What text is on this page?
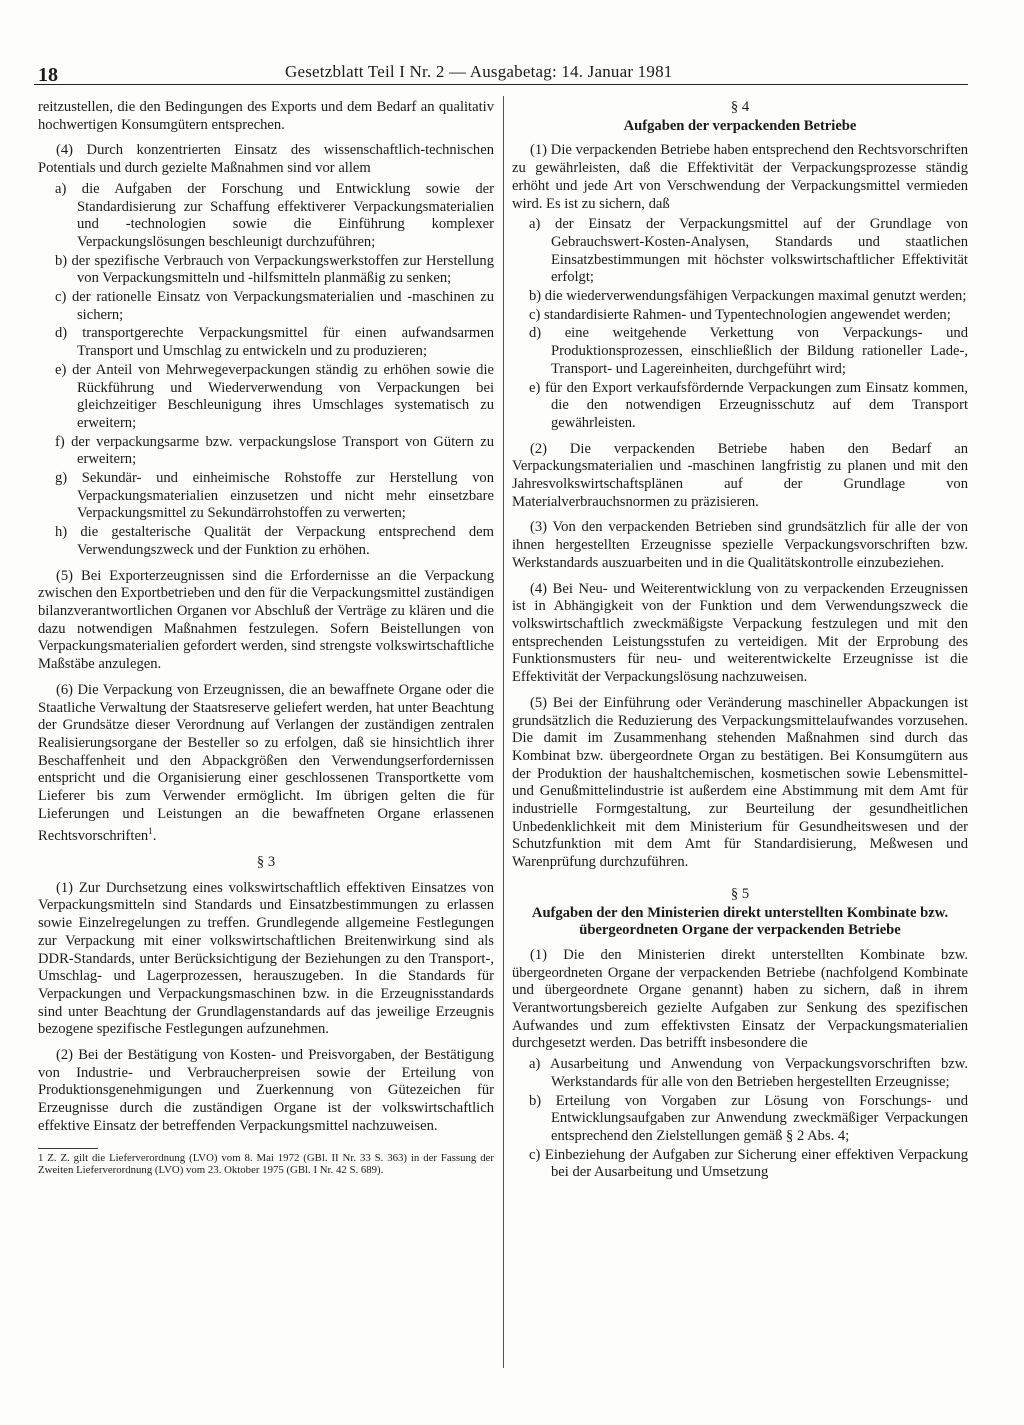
18	Gesetzblatt Teil I Nr. 2 — Ausgabetag: 14. Januar 1981

reitzustellen, die den Bedingungen des Exports und dem Bedarf an qualitativ hochwertigen Konsumgütern entsprechen.

(4) Durch konzentrierten Einsatz des wissenschaftlich-technischen Potentials und durch gezielte Maßnahmen sind vor allem

a) die Aufgaben der Forschung und Entwicklung sowie der Standardisierung zur Schaffung effektiverer Verpackungsmaterialien und -technologien sowie die Einführung komplexer Verpackungslösungen beschleunigt durchzuführen;

b) der spezifische Verbrauch von Verpackungswerkstoffen zur Herstellung von Verpackungsmitteln und -hilfsmitteln planmäßig zu senken;

c) der rationelle Einsatz von Verpackungsmaterialien und -maschinen zu sichern;

d) transportgerechte Verpackungsmittel für einen aufwandsarmen Transport und Umschlag zu entwickeln und zu produzieren;

e) der Anteil von Mehrwegeverpackungen ständig zu erhöhen sowie die Rückführung und Wiederverwendung von Verpackungen bei gleichzeitiger Beschleunigung ihres Umschlages systematisch zu erweitern;

f) der verpackungsarme bzw. verpackungslose Transport von Gütern zu erweitern;

g) Sekundär- und einheimische Rohstoffe zur Herstellung von Verpackungsmaterialien einzusetzen und nicht mehr einsetzbare Verpackungsmittel zu Sekundärrohstoffen zu verwerten;

h) die gestalterische Qualität der Verpackung entsprechend dem Verwendungszweck und der Funktion zu erhöhen.

(5) Bei Exporterzeugnissen sind die Erfordernisse an die Verpackung zwischen den Exportbetrieben und den für die Verpackungsmittel zuständigen bilanzverantwortlichen Organen vor Abschluß der Verträge zu klären und die dazu notwendigen Maßnahmen festzulegen. Sofern Beistellungen von Verpackungsmaterialien gefordert werden, sind strengste volkswirtschaftliche Maßstäbe anzulegen.

(6) Die Verpackung von Erzeugnissen, die an bewaffnete Organe oder die Staatliche Verwaltung der Staatsreserve geliefert werden, hat unter Beachtung der Grundsätze dieser Verordnung auf Verlangen der zuständigen zentralen Realisierungsorgane der Besteller so zu erfolgen, daß sie hinsichtlich ihrer Beschaffenheit und den Abpackgrößen den Verwendungserfordernissen entspricht und die Organisierung einer geschlossenen Transportkette vom Lieferer bis zum Verwender ermöglicht. Im übrigen gelten die für Lieferungen und Leistungen an die bewaffneten Organe erlassenen Rechtsvorschriften$^1$.

§ 3

(1) Zur Durchsetzung eines volkswirtschaftlich effektiven Einsatzes von Verpackungsmitteln sind Standards und Einsatzbestimmungen zu erlassen sowie Einzelregelungen zu treffen. Grundlegende allgemeine Festlegungen zur Verpackung mit einer volkswirtschaftlichen Breitenwirkung sind als DDR-Standards, unter Berücksichtigung der Beziehungen zu den Transport-, Umschlag- und Lagerprozessen, herauszugeben. In die Standards für Verpackungen und Verpackungsmaschinen bzw. in die Erzeugnisstandards sind unter Beachtung der Grundlagenstandards auf das jeweilige Erzeugnis bezogene spezifische Festlegungen aufzunehmen.

(2) Bei der Bestätigung von Kosten- und Preisvorgaben, der Bestätigung von Industrie- und Verbraucherpreisen sowie der Erteilung von Produktionsgenehmigungen und Zuerkennung von Gütezeichen für Erzeugnisse durch die zuständigen Organe ist der volkswirtschaftlich effektive Einsatz der betreffenden Verpackungsmittel nachzuweisen.

1 Z. Z. gilt die Lieferverordnung (LVO) vom 8. Mai 1972 (GBl. II Nr. 33 S. 363) in der Fassung der Zweiten Lieferverordnung (LVO) vom 23. Oktober 1975 (GBl. I Nr. 42 S. 689).

§ 4

Aufgaben der verpackenden Betriebe

(1) Die verpackenden Betriebe haben entsprechend den Rechtsvorschriften zu gewährleisten, daß die Effektivität der Verpackungsprozesse ständig erhöht und jede Art von Verschwendung der Verpackungsmittel vermieden wird. Es ist zu sichern, daß

a) der Einsatz der Verpackungsmittel auf der Grundlage von Gebrauchswert-Kosten-Analysen, Standards und staatlichen Einsatzbestimmungen mit höchster volkswirtschaftlicher Effektivität erfolgt;

b) die wiederverwendungsfähigen Verpackungen maximal genutzt werden;

c) standardisierte Rahmen- und Typentechnologien angewendet werden;

d) eine weitgehende Verkettung von Verpackungs- und Produktionsprozessen, einschließlich der Bildung rationeller Lade-, Transport- und Lagereinheiten, durchgeführt wird;

e) für den Export verkaufsfördernde Verpackungen zum Einsatz kommen, die den notwendigen Erzeugnisschutz auf dem Transport gewährleisten.

(2) Die verpackenden Betriebe haben den Bedarf an Verpackungsmaterialien und -maschinen langfristig zu planen und mit den Jahresvolkswirtschaftsplänen auf der Grundlage von Materialverbrauchsnormen zu präzisieren.

(3) Von den verpackenden Betrieben sind grundsätzlich für alle der von ihnen hergestellten Erzeugnisse spezielle Verpackungsvorschriften bzw. Werkstandards auszuarbeiten und in die Qualitätskontrolle einzubeziehen.

(4) Bei Neu- und Weiterentwicklung von zu verpackenden Erzeugnissen ist in Abhängigkeit von der Funktion und dem Verwendungszweck die volkswirtschaftlich zweckmäßigste Verpackung festzulegen und mit den entsprechenden Leistungsstufen zu verteidigen. Mit der Erprobung des Funktionsmusters für neu- und weiterentwickelte Erzeugnisse ist die Effektivität der Verpackungslösung nachzuweisen.

(5) Bei der Einführung oder Veränderung maschineller Abpackungen ist grundsätzlich die Reduzierung des Verpackungsmittelaufwandes vorzusehen. Die damit im Zusammenhang stehenden Maßnahmen sind durch das Kombinat bzw. übergeordnete Organ zu bestätigen. Bei Konsumgütern aus der Produktion der haushaltchemischen, kosmetischen sowie Lebensmittel- und Genußmittelindustrie ist außerdem eine Abstimmung mit dem Amt für industrielle Formgestaltung, zur Beurteilung der gesundheitlichen Unbedenklichkeit mit dem Ministerium für Gesundheitswesen und der Schutzfunktion mit dem Amt für Standardisierung, Meßwesen und Warenprüfung durchzuführen.

§ 5

Aufgaben der den Ministerien direkt unterstellten Kombinate bzw. übergeordneten Organe der verpackenden Betriebe

(1) Die den Ministerien direkt unterstellten Kombinate bzw. übergeordneten Organe der verpackenden Betriebe (nachfolgend Kombinate und übergeordnete Organe genannt) haben zu sichern, daß in ihrem Verantwortungsbereich gezielte Aufgaben zur Senkung des spezifischen Aufwandes und zum effektivsten Einsatz der Verpackungsmaterialien durchgesetzt werden. Das betrifft insbesondere die

a) Ausarbeitung und Anwendung von Verpackungsvorschriften bzw. Werkstandards für alle von den Betrieben hergestellten Erzeugnisse;

b) Erteilung von Vorgaben zur Lösung von Forschungs- und Entwicklungsaufgaben zur Anwendung zweckmäßiger Verpackungen entsprechend den Zielstellungen gemäß § 2 Abs. 4;

c) Einbeziehung der Aufgaben zur Sicherung einer effektiven Verpackung bei der Ausarbeitung und Umsetzung
